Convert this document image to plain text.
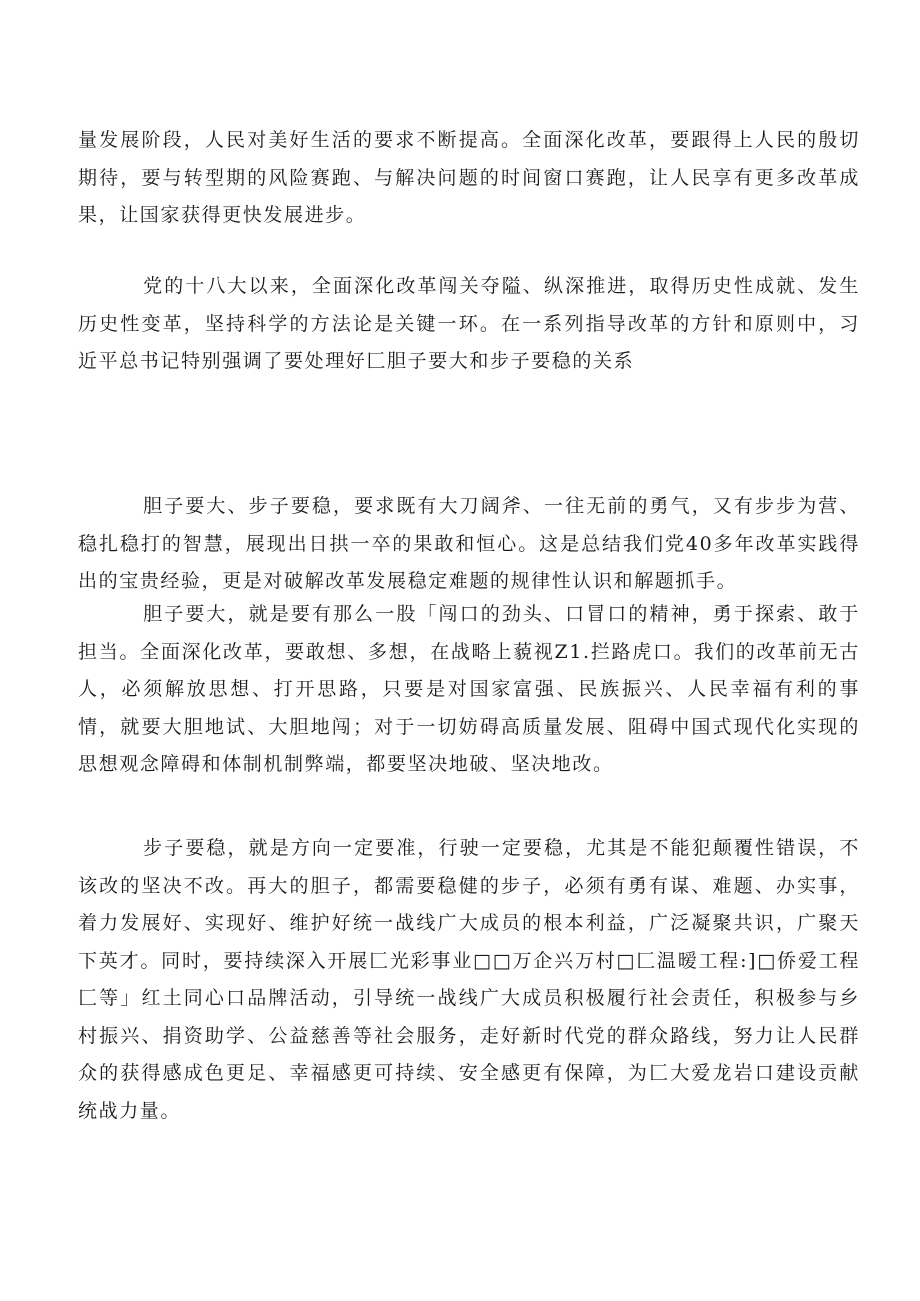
量发展阶段，人民对美好生活的要求不断提高。全面深化改革，要跟得上人民的殷切期待，要与转型期的风险赛跑、与解决问题的时间窗口赛跑，让人民享有更多改革成果，让国家获得更快发展进步。

党的十八大以来，全面深化改革闯关夺隘、纵深推进，取得历史性成就、发生历史性变革，坚持科学的方法论是关键一环。在一系列指导改革的方针和原则中，习近平总书记特别强调了要处理好匚胆子要大和步子要稳的关系

胆子要大、步子要稳，要求既有大刀阔斧、一往无前的勇气，又有步步为营、稳扎稳打的智慧，展现出日拱一卒的果敢和恒心。这是总结我们党40多年改革实践得出的宝贵经验，更是对破解改革发展稳定难题的规律性认识和解题抓手。

胆子要大，就是要有那么一股「闯口的劲头、口冒口的精神，勇于探索、敢于担当。全面深化改革，要敢想、多想，在战略上藐视Z1.拦路虎口。我们的改革前无古人，必须解放思想、打开思路，只要是对国家富强、民族振兴、人民幸福有利的事情，就要大胆地试、大胆地闯；对于一切妨碍高质量发展、阻碍中国式现代化实现的思想观念障碍和体制机制弊端，都要坚决地破、坚决地改。

步子要稳，就是方向一定要准，行驶一定要稳，尤其是不能犯颠覆性错误，不该改的坚决不改。再大的胆子，都需要稳健的步子，必须有勇有谋、难题、办实事，着力发展好、实现好、维护好统一战线广大成员的根本利益，广泛凝聚共识，广聚天下英才。同时，要持续深入开展匚光彩事业□□万企兴万村□匚温暧工程:]□侨爱工程匚等」红土同心口品牌活动，引导统一战线广大成员积极履行社会责任，积极参与乡村振兴、捐资助学、公益慈善等社会服务，走好新时代党的群众路线，努力让人民群众的获得感成色更足、幸福感更可持续、安全感更有保障，为匚大爱龙岩口建设贡献统战力量。
